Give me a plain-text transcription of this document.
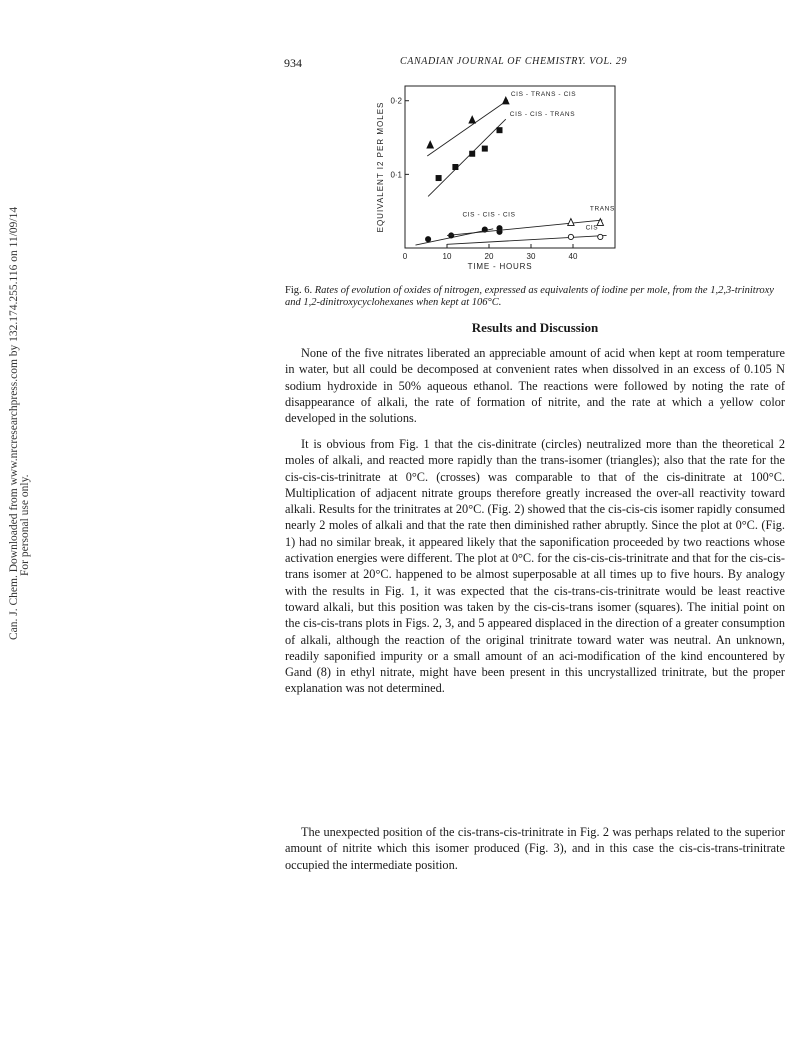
934	CANADIAN JOURNAL OF CHEMISTRY. VOL. 29
Can. J. Chem. Downloaded from www.nrcresearchpress.com by 132.174.255.116 on 11/09/14 For personal use only.
0	10	20	30	40
0·1
0·2
TIME - HOURS
EQUIVALENT I2 PER MOLES
CIS - TRANS - CIS
CIS - CIS - TRANS
CIS - CIS - CIS
TRANS
CIS
Fig. 6. Rates of evolution of oxides of nitrogen, expressed as equivalents of iodine per mole, from the 1,2,3-trinitroxy and 1,2-dinitroxycyclohexanes when kept at 106°C.
Results and Discussion

None of the five nitrates liberated an appreciable amount of acid when kept at room temperature in water, but all could be decomposed at convenient rates when dissolved in an excess of 0.105 N sodium hydroxide in 50% aqueous ethanol. The reactions were followed by noting the rate of disappearance of alkali, the rate of formation of nitrite, and the rate at which a yellow color developed in the solutions.

It is obvious from Fig. 1 that the cis-dinitrate (circles) neutralized more than the theoretical 2 moles of alkali, and reacted more rapidly than the trans-isomer (triangles); also that the rate for the cis-cis-cis-trinitrate at 0°C. (crosses) was comparable to that of the cis-dinitrate at 100°C. Multiplication of adjacent nitrate groups therefore greatly increased the over-all reactivity toward alkali. Results for the trinitrates at 20°C. (Fig. 2) showed that the cis-cis-cis isomer rapidly consumed nearly 2 moles of alkali and that the rate then diminished rather abruptly. Since the plot at 0°C. (Fig. 1) had no similar break, it appeared likely that the saponification proceeded by two reactions whose activation energies were different. The plot at 0°C. for the cis-cis-cis-trinitrate and that for the cis-cis-trans isomer at 20°C. happened to be almost superposable at all times up to five hours. By analogy with the results in Fig. 1, it was expected that the cis-trans-cis-trinitrate would be least reactive toward alkali, but this position was taken by the cis-cis-trans isomer (squares). The initial point on the cis-cis-trans plots in Figs. 2, 3, and 5 appeared displaced in the direction of a greater consumption of alkali, although the reaction of the original trinitrate toward water was neutral. An unknown, readily saponified impurity or a small amount of an aci-modification of the kind encountered by Gand (8) in ethyl nitrate, might have been present in this uncrystallized trinitrate, but the proper explanation was not determined.

The unexpected position of the cis-trans-cis-trinitrate in Fig. 2 was perhaps related to the superior amount of nitrite which this isomer produced (Fig. 3), and in this case the cis-cis-trans-trinitrate occupied the intermediate position.
